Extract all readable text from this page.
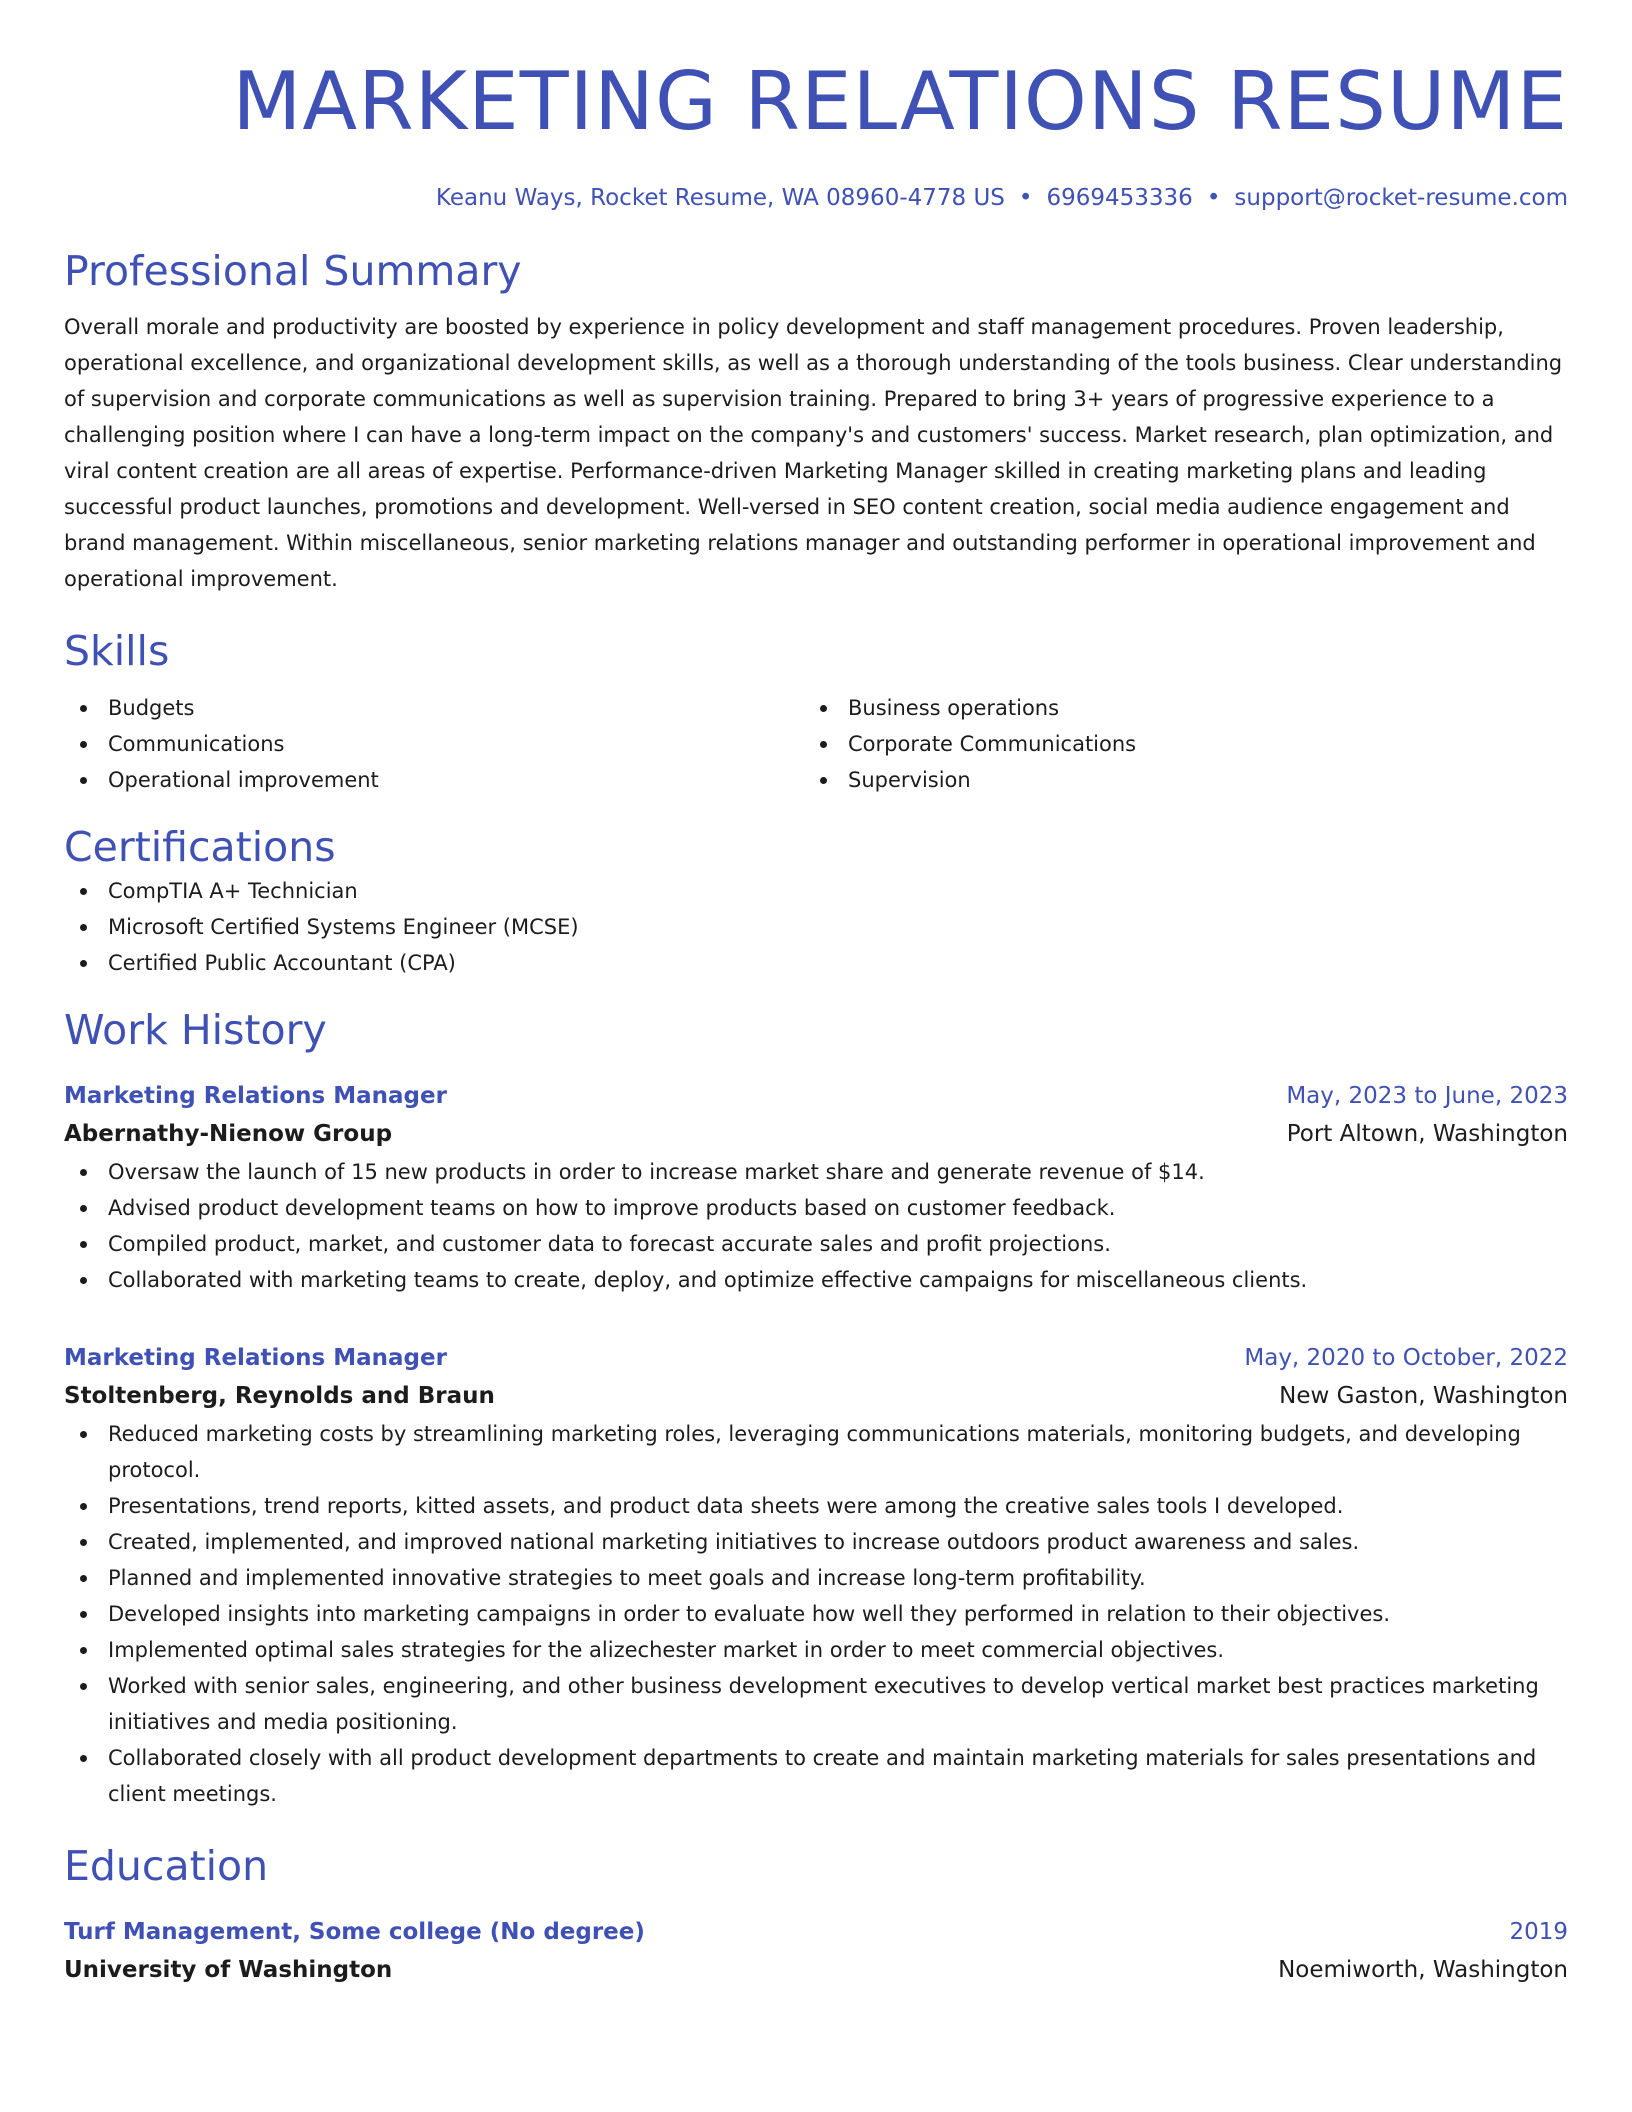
MARKETING RELATIONS RESUME
Keanu Ways, Rocket Resume, WA 08960-4778 US • 6969453336 • support@rocket-resume.com
Professional Summary
Overall morale and productivity are boosted by experience in policy development and staff management procedures. Proven leadership, operational excellence, and organizational development skills, as well as a thorough understanding of the tools business. Clear understanding of supervision and corporate communications as well as supervision training. Prepared to bring 3+ years of progressive experience to a challenging position where I can have a long-term impact on the company's and customers' success. Market research, plan optimization, and viral content creation are all areas of expertise. Performance-driven Marketing Manager skilled in creating marketing plans and leading successful product launches, promotions and development. Well-versed in SEO content creation, social media audience engagement and brand management. Within miscellaneous, senior marketing relations manager and outstanding performer in operational improvement and operational improvement.
Skills
Budgets
Communications
Operational improvement
Business operations
Corporate Communications
Supervision
Certifications
CompTIA A+ Technician
Microsoft Certified Systems Engineer (MCSE)
Certified Public Accountant (CPA)
Work History
Marketing Relations Manager	May, 2023 to June, 2023
Abernathy-Nienow Group	Port Altown, Washington
Oversaw the launch of 15 new products in order to increase market share and generate revenue of $14.
Advised product development teams on how to improve products based on customer feedback.
Compiled product, market, and customer data to forecast accurate sales and profit projections.
Collaborated with marketing teams to create, deploy, and optimize effective campaigns for miscellaneous clients.
Marketing Relations Manager	May, 2020 to October, 2022
Stoltenberg, Reynolds and Braun	New Gaston, Washington
Reduced marketing costs by streamlining marketing roles, leveraging communications materials, monitoring budgets, and developing protocol.
Presentations, trend reports, kitted assets, and product data sheets were among the creative sales tools I developed.
Created, implemented, and improved national marketing initiatives to increase outdoors product awareness and sales.
Planned and implemented innovative strategies to meet goals and increase long-term profitability.
Developed insights into marketing campaigns in order to evaluate how well they performed in relation to their objectives.
Implemented optimal sales strategies for the alizechester market in order to meet commercial objectives.
Worked with senior sales, engineering, and other business development executives to develop vertical market best practices marketing initiatives and media positioning.
Collaborated closely with all product development departments to create and maintain marketing materials for sales presentations and client meetings.
Education
Turf Management, Some college (No degree)	2019
University of Washington	Noemiworth, Washington
